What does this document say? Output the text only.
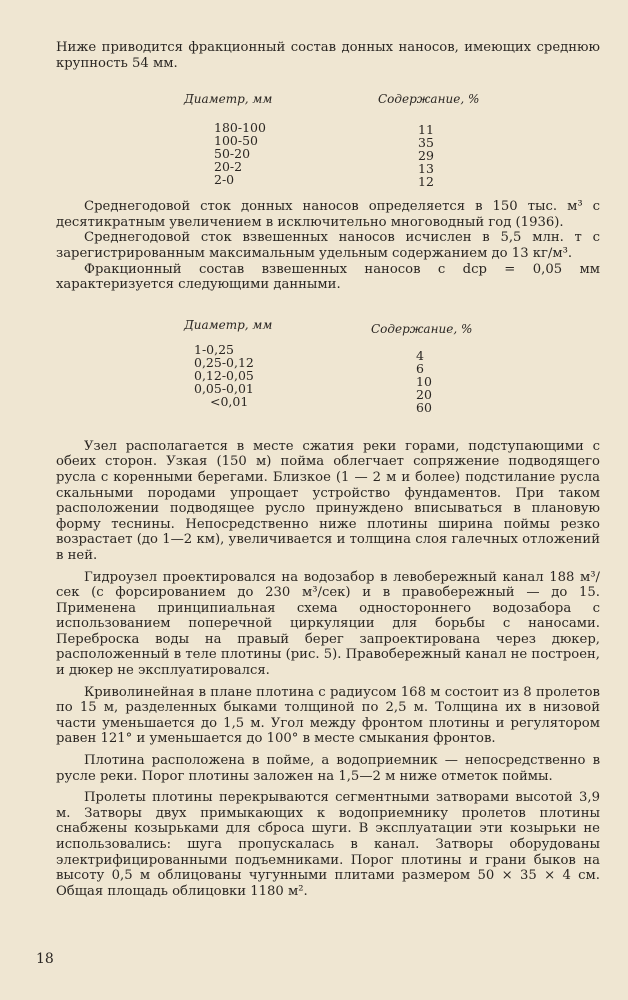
Ниже приводится фракционный состав донных наносов, имеющих среднюю крупность 54 мм.

Диаметр, мм	Содержание, %
180-100
100-50
50-20
20-2
2-0
11
35
29
13
12

Среднегодовой сток донных наносов определяется в 150 тыс. м³ с десятикратным увеличением в исключительно многоводный год (1936).

Среднегодовой сток взвешенных наносов исчислен в 5,5 млн. т с зарегистрированным максимальным удельным содержанием до 13 кг/м³.

Фракционный состав взвешенных наносов с dср = 0,05 мм характеризуется следующими данными.

Диаметр, мм	Содержание, %
1-0,25
0,25-0,12
0,12-0,05
0,05-0,01
<0,01
4
6
10
20
60

Узел располагается в месте сжатия реки горами, подступающими с обеих сторон. Узкая (150 м) пойма облегчает сопряжение подводящего русла с коренными берегами. Близкое (1 — 2 м и более) подстилание русла скальными породами упрощает устройство фундаментов. При таком расположении подводящее русло принуждено вписываться в плановую форму теснины. Непосредственно ниже плотины ширина поймы резко возрастает (до 1—2 км), увеличивается и толщина слоя галечных отложений в ней.

Гидроузел проектировался на водозабор в левобережный канал 188 м³/сек (с форсированием до 230 м³/сек) и в правобережный — до 15. Применена принципиальная схема одностороннего водозабора с использованием поперечной циркуляции для борьбы с наносами. Переброска воды на правый берег запроектирована через дюкер, расположенный в теле плотины (рис. 5). Правобережный канал не построен, и дюкер не эксплуатировался.

Криволинейная в плане плотина с радиусом 168 м состоит из 8 пролетов по 15 м, разделенных быками толщиной по 2,5 м. Толщина их в низовой части уменьшается до 1,5 м. Угол между фронтом плотины и регулятором равен 121° и уменьшается до 100° в месте смыкания фронтов.

Плотина расположена в пойме, а водоприемник — непосредственно в русле реки. Порог плотины заложен на 1,5—2 м ниже отметок поймы.

Пролеты плотины перекрываются сегментными затворами высотой 3,9 м. Затворы двух примыкающих к водоприемнику пролетов плотины снабжены козырьками для сброса шуги. В эксплуатации эти козырьки не использовались: шуга пропускалась в канал. Затворы оборудованы электрифицированными подъемниками. Порог плотины и грани быков на высоту 0,5 м облицованы чугунными плитами размером 50 × 35 × 4 см. Общая площадь облицовки 1180 м².

18
